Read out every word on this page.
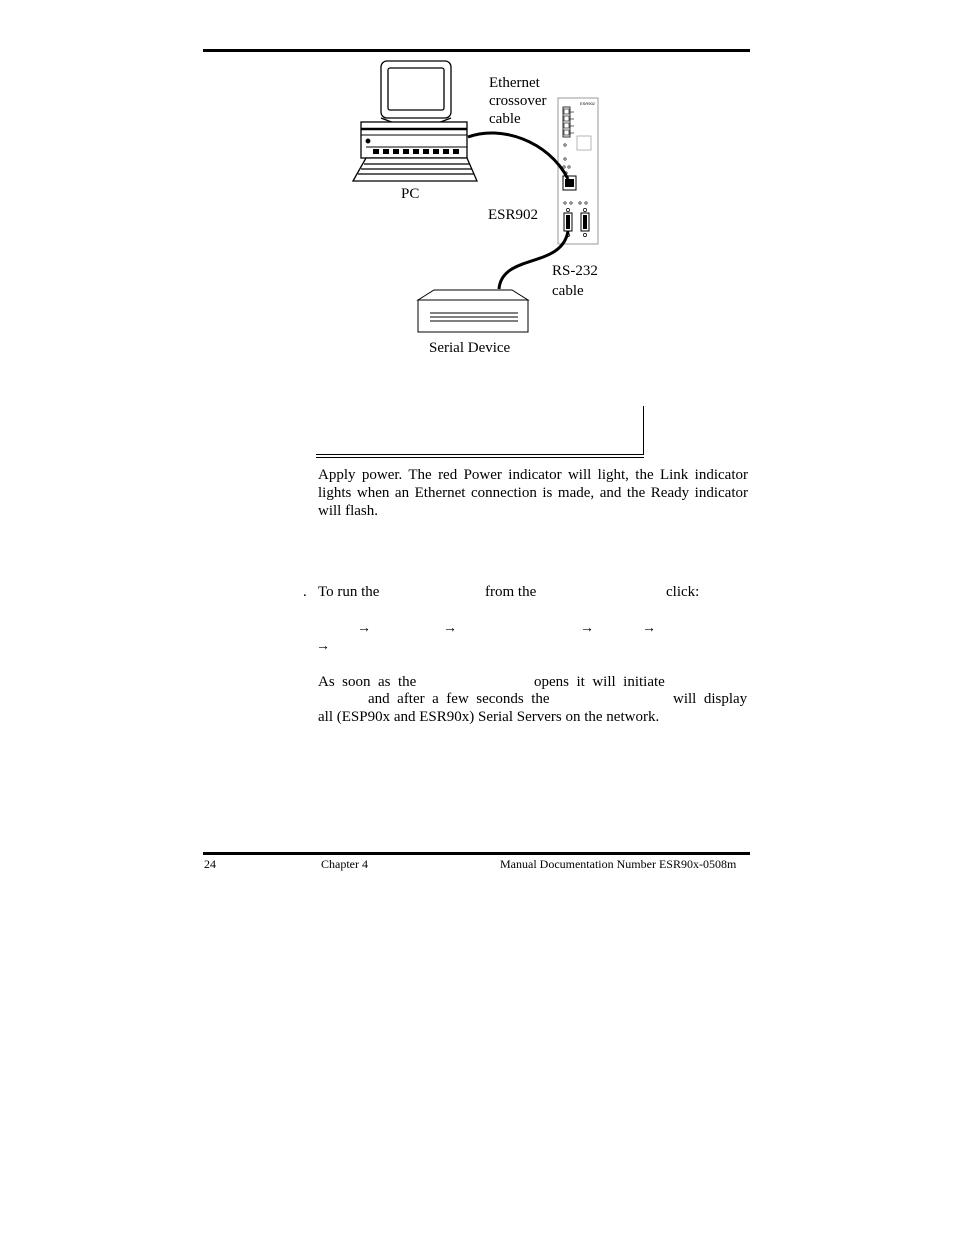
ESR902
Ethernet
crossover
cable
PC
ESR902
RS-232
cable
Serial Device
Apply power. The red Power indicator will light, the Link indicator lights when an Ethernet connection is made, and the Ready indicator will flash.
. To run the	from the	click:
→	→	→	→
→
As  soon  as  the	opens  it  will  initiate
and  after  a  few  seconds  the	will  display
all (ESP90x and ESR90x) Serial Servers on the network.
24	Chapter 4	Manual Documentation Number ESR90x-0508m
